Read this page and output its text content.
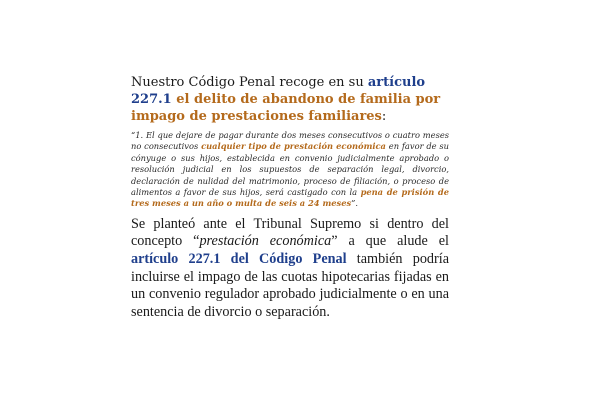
Nuestro Código Penal recoge en su artículo 227.1 el delito de abandono de familia por impago de prestaciones familiares:

“1. El que dejare de pagar durante dos meses consecutivos o cuatro meses no consecutivos cualquier tipo de prestación económica en favor de su cónyuge o sus hijos, establecida en convenio judicialmente aprobado o resolución judicial en los supuestos de separación legal, divorcio, declaración de nulidad del matrimonio, proceso de filiación, o proceso de alimentos a favor de sus hijos, será castigado con la pena de prisión de tres meses a un año o multa de seis a 24 meses”.

Se planteó ante el Tribunal Supremo si dentro del concepto “prestación económica” a que alude el artículo 227.1 del Código Penal también podría incluirse el impago de las cuotas hipotecarias fijadas en un convenio regulador aprobado judicialmente o en una sentencia de divorcio o separación.
